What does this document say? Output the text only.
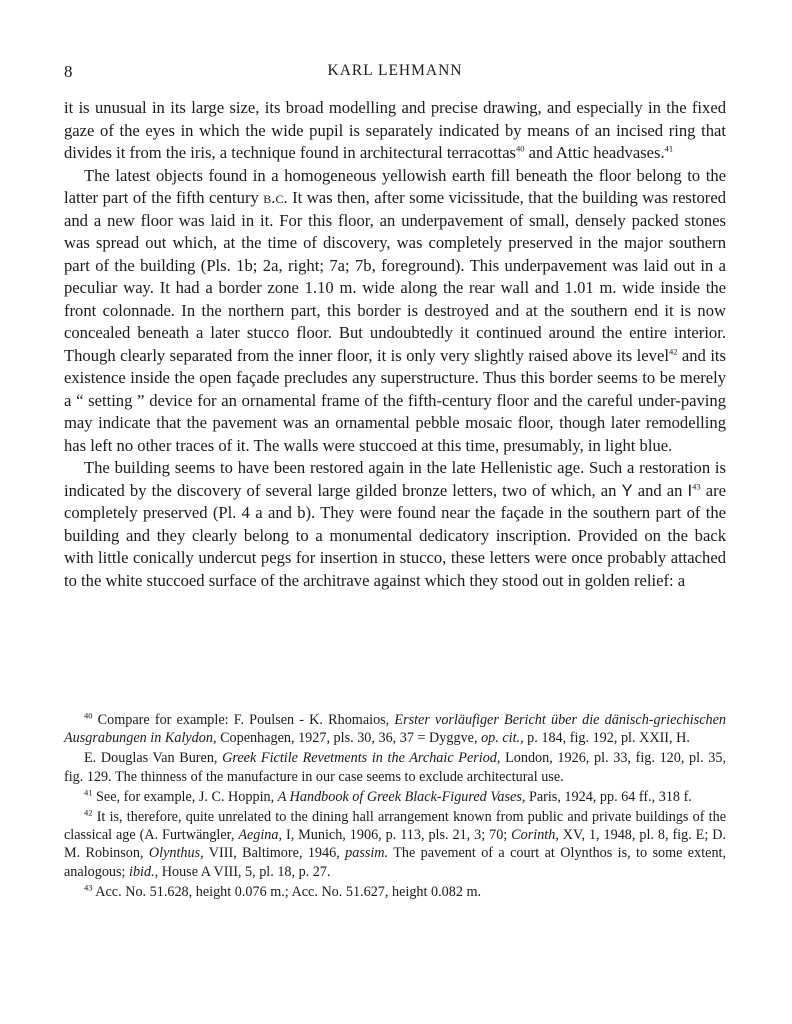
8	KARL LEHMANN

it is unusual in its large size, its broad modelling and precise drawing, and especially in the fixed gaze of the eyes in which the wide pupil is separately indicated by means of an incised ring that divides it from the iris, a technique found in architectural terracottas$^{40}$ and Attic headvases.$^{41}$

The latest objects found in a homogeneous yellowish earth fill beneath the floor belong to the latter part of the fifth century b.c. It was then, after some vicissitude, that the building was restored and a new floor was laid in it. For this floor, an underpavement of small, densely packed stones was spread out which, at the time of discovery, was completely preserved in the major southern part of the building (Pls. 1b; 2a, right; 7a; 7b, foreground). This underpavement was laid out in a peculiar way. It had a border zone 1.10 m. wide along the rear wall and 1.01 m. wide inside the front colonnade. In the northern part, this border is destroyed and at the southern end it is now concealed beneath a later stucco floor. But undoubtedly it continued around the entire interior. Though clearly separated from the inner floor, it is only very slightly raised above its level$^{42}$ and its existence inside the open façade precludes any superstructure. Thus this border seems to be merely a “ setting ” device for an ornamental frame of the fifth-century floor and the careful under-paving may indicate that the pavement was an ornamental pebble mosaic floor, though later remodelling has left no other traces of it. The walls were stuccoed at this time, presumably, in light blue.

The building seems to have been restored again in the late Hellenistic age. Such a restoration is indicated by the discovery of several large gilded bronze letters, two of which, an Y and an $I^{43}$ are completely preserved (Pl. 4 a and b). They were found near the façade in the southern part of the building and they clearly belong to a monumental dedicatory inscription. Provided on the back with little conically undercut pegs for insertion in stucco, these letters were once probably attached to the white stuccoed surface of the architrave against which they stood out in golden relief: a

$^{40}$ Compare for example: F. Poulsen - K. Rhomaios, Erster vorläufiger Bericht über die dänisch-griechischen Ausgrabungen in Kalydon, Copenhagen, 1927, pls. 30, 36, 37 = Dyggve, op. cit., p. 184, fig. 192, pl. XXII, H.

E. Douglas Van Buren, Greek Fictile Revetments in the Archaic Period, London, 1926, pl. 33, fig. 120, pl. 35, fig. 129. The thinness of the manufacture in our case seems to exclude architectural use.

$^{41}$ See, for example, J. C. Hoppin, A Handbook of Greek Black-Figured Vases, Paris, 1924, pp. 64 ff., 318 f.

$^{42}$ It is, therefore, quite unrelated to the dining hall arrangement known from public and private buildings of the classical age (A. Furtwängler, Aegina, I, Munich, 1906, p. 113, pls. 21, 3; 70; Corinth, XV, 1, 1948, pl. 8, fig. E; D. M. Robinson, Olynthus, VIII, Baltimore, 1946, passim. The pavement of a court at Olynthos is, to some extent, analogous; ibid., House A VIII, 5, pl. 18, p. 27.

$^{43}$ Acc. No. 51.628, height 0.076 m.; Acc. No. 51.627, height 0.082 m.
